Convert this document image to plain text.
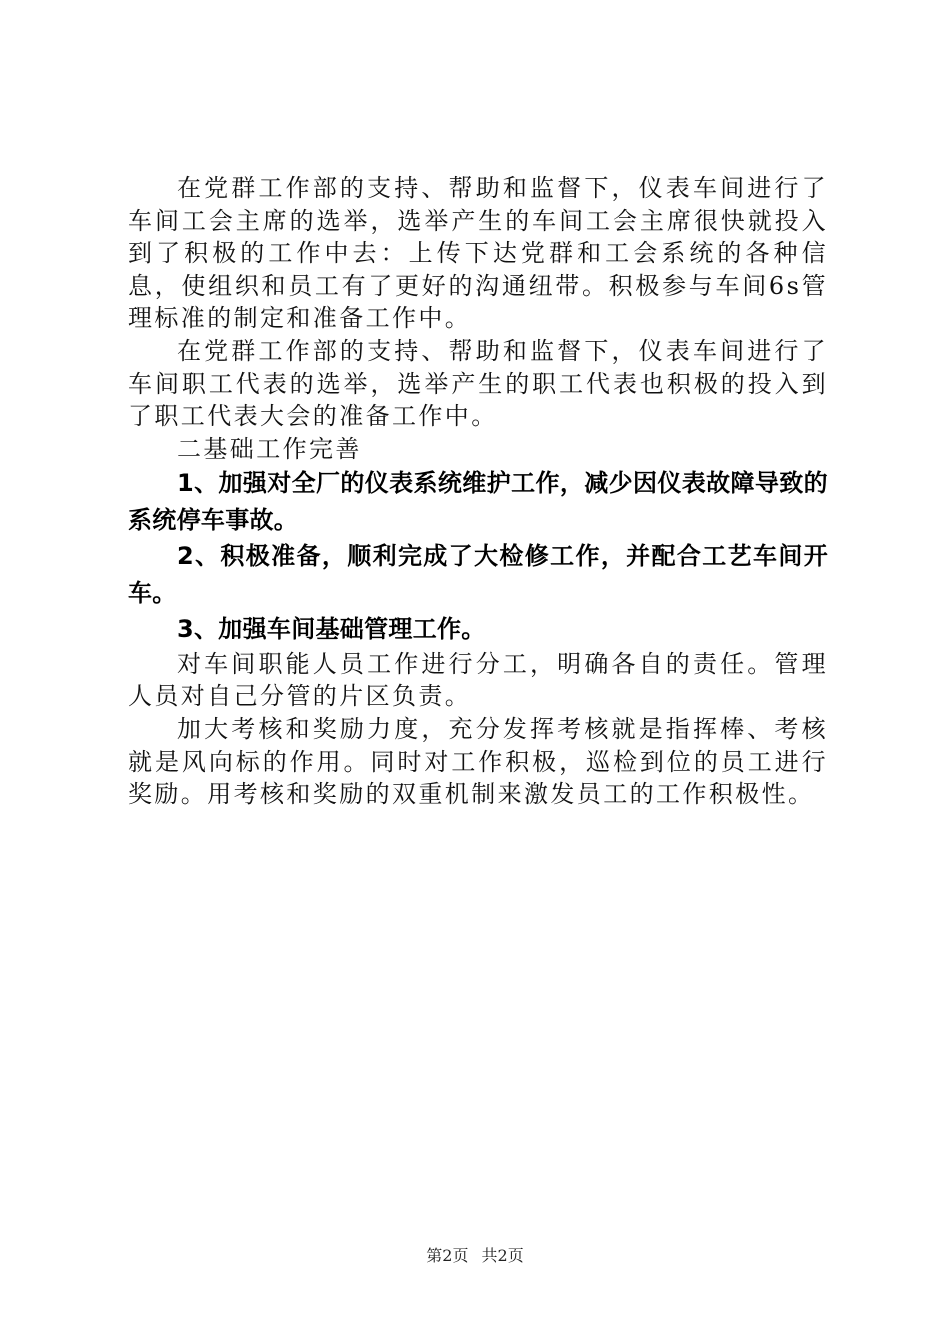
在党群工作部的支持、帮助和监督下，仪表车间进行了车间工会主席的选举，选举产生的车间工会主席很快就投入到了积极的工作中去：上传下达党群和工会系统的各种信息，使组织和员工有了更好的沟通纽带。积极参与车间6s管理标准的制定和准备工作中。

在党群工作部的支持、帮助和监督下，仪表车间进行了车间职工代表的选举，选举产生的职工代表也积极的投入到了职工代表大会的准备工作中。

二基础工作完善

1、加强对全厂的仪表系统维护工作，减少因仪表故障导致的系统停车事故。

2、积极准备，顺利完成了大检修工作，并配合工艺车间开车。

3、加强车间基础管理工作。

对车间职能人员工作进行分工，明确各自的责任。管理人员对自己分管的片区负责。

加大考核和奖励力度，充分发挥考核就是指挥棒、考核就是风向标的作用。同时对工作积极，巡检到位的员工进行奖励。用考核和奖励的双重机制来激发员工的工作积极性。

第2页 共2页
